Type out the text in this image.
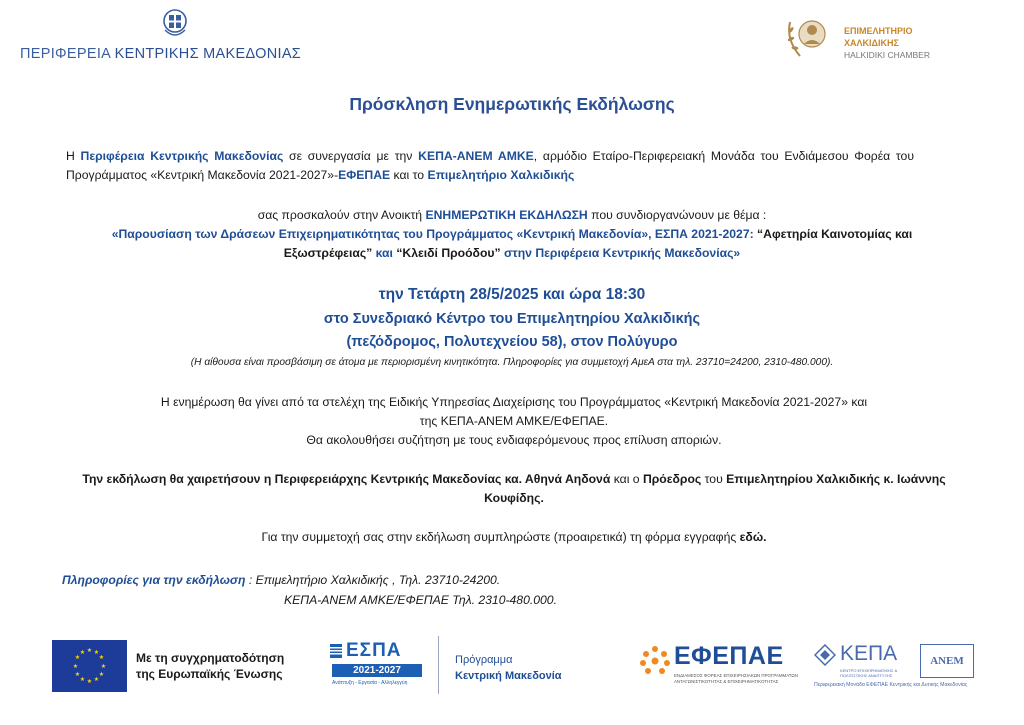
ΠΕΡΙΦΕΡΕΙΑ ΚΕΝΤΡΙΚΗΣ ΜΑΚΕΔΟΝΙΑΣ
ΕΠΙΜΕΛΗΤΗΡΙΟ
ΧΑΛΚΙΔΙΚΗΣ
HALKIDIKI CHAMBER
Πρόσκληση Ενημερωτικής Εκδήλωσης
Η Περιφέρεια Κεντρικής Μακεδονίας σε συνεργασία με την ΚΕΠΑ-ΑΝΕΜ ΑΜΚΕ, αρμόδιο Εταίρο-Περιφερειακή Μονάδα του Ενδιάμεσου Φορέα του Προγράμματος «Κεντρική Μακεδονία 2021-2027»-ΕΦΕΠΑΕ και το Επιμελητήριο Χαλκιδικής
σας προσκαλούν στην Ανοικτή ΕΝΗΜΕΡΩΤΙΚΗ ΕΚΔΗΛΩΣΗ που συνδιοργανώνουν με θέμα :
«Παρουσίαση των Δράσεων Επιχειρηματικότητας του Προγράμματος «Κεντρική Μακεδονία», ΕΣΠΑ 2021-2027: “Αφετηρία Καινοτομίας και Εξωστρέφειας” και “Κλειδί Προόδου” στην Περιφέρεια Κεντρικής Μακεδονίας»
την Τετάρτη 28/5/2025 και ώρα 18:30
στο Συνεδριακό Κέντρο του Επιμελητηρίου Χαλκιδικής
(πεζόδρομος, Πολυτεχνείου 58), στον Πολύγυρο
(Η αίθουσα είναι προσβάσιμη σε άτομα με περιορισμένη κινητικότητα. Πληροφορίες για συμμετοχή ΑμεΑ στα τηλ. 23710=24200, 2310-480.000).
Η ενημέρωση θα γίνει από τα στελέχη της Ειδικής Υπηρεσίας Διαχείρισης του Προγράμματος «Κεντρική Μακεδονία 2021-2027» και
της ΚΕΠΑ-ΑΝΕΜ ΑΜΚΕ/ΕΦΕΠΑΕ.
Θα ακολουθήσει συζήτηση με τους ενδιαφερόμενους προς επίλυση αποριών.
Την εκδήλωση θα χαιρετήσουν η Περιφερειάρχης Κεντρικής Μακεδονίας κα. Αθηνά Αηδονά και ο Πρόεδρος του Επιμελητηρίου Χαλκιδικής κ. Ιωάννης Κουφίδης.
Για την συμμετοχή σας στην εκδήλωση συμπληρώστε (προαιρετικά) τη φόρμα εγγραφής εδώ.
Πληροφορίες για την εκδήλωση : Επιμελητήριο Χαλκιδικής , Τηλ. 23710-24200.
ΚΕΠΑ-ΑΝΕΜ ΑΜΚΕ/ΕΦΕΠΑΕ Τηλ. 2310-480.000.
★ ★
★
★
★
★
★
★
★
★
★
★	Με τη συγχρηματοδότηση
της Ευρωπαϊκής Ένωσης
ΕΣΠΑ
2021-2027
Ανάπτυξη - Εργασία - Αλληλεγγύη
Πρόγραμμα
Κεντρική Μακεδονία
ΕΦΕΠΑΕ
ΕΝΔΙΑΜΕΣΟΣ ΦΟΡΕΑΣ ΕΠΙΧΕΙΡΗΣΙΑΚΩΝ ΠΡΟΓΡΑΜΜΑΤΩΝ ΑΝΤΑΓΩΝΙΣΤΙΚΟΤΗΤΑΣ & ΕΠΙΧΕΙΡΗΜΑΤΙΚΟΤΗΤΑΣ
ΚΕΠΑ
ΚΕΝΤΡΟ ΕΠΙΧΕΙΡΗΜΑΤΙΚΗΣ & ΠΟΛΙΤΙΣΤΙΚΗΣ ΑΝΑΠΤΥΞΗΣ
ΑΝΕΜ
Περιφερειακή Μονάδα ΕΦΕΠΑΕ Κεντρικής και Δυτικής Μακεδονίας
